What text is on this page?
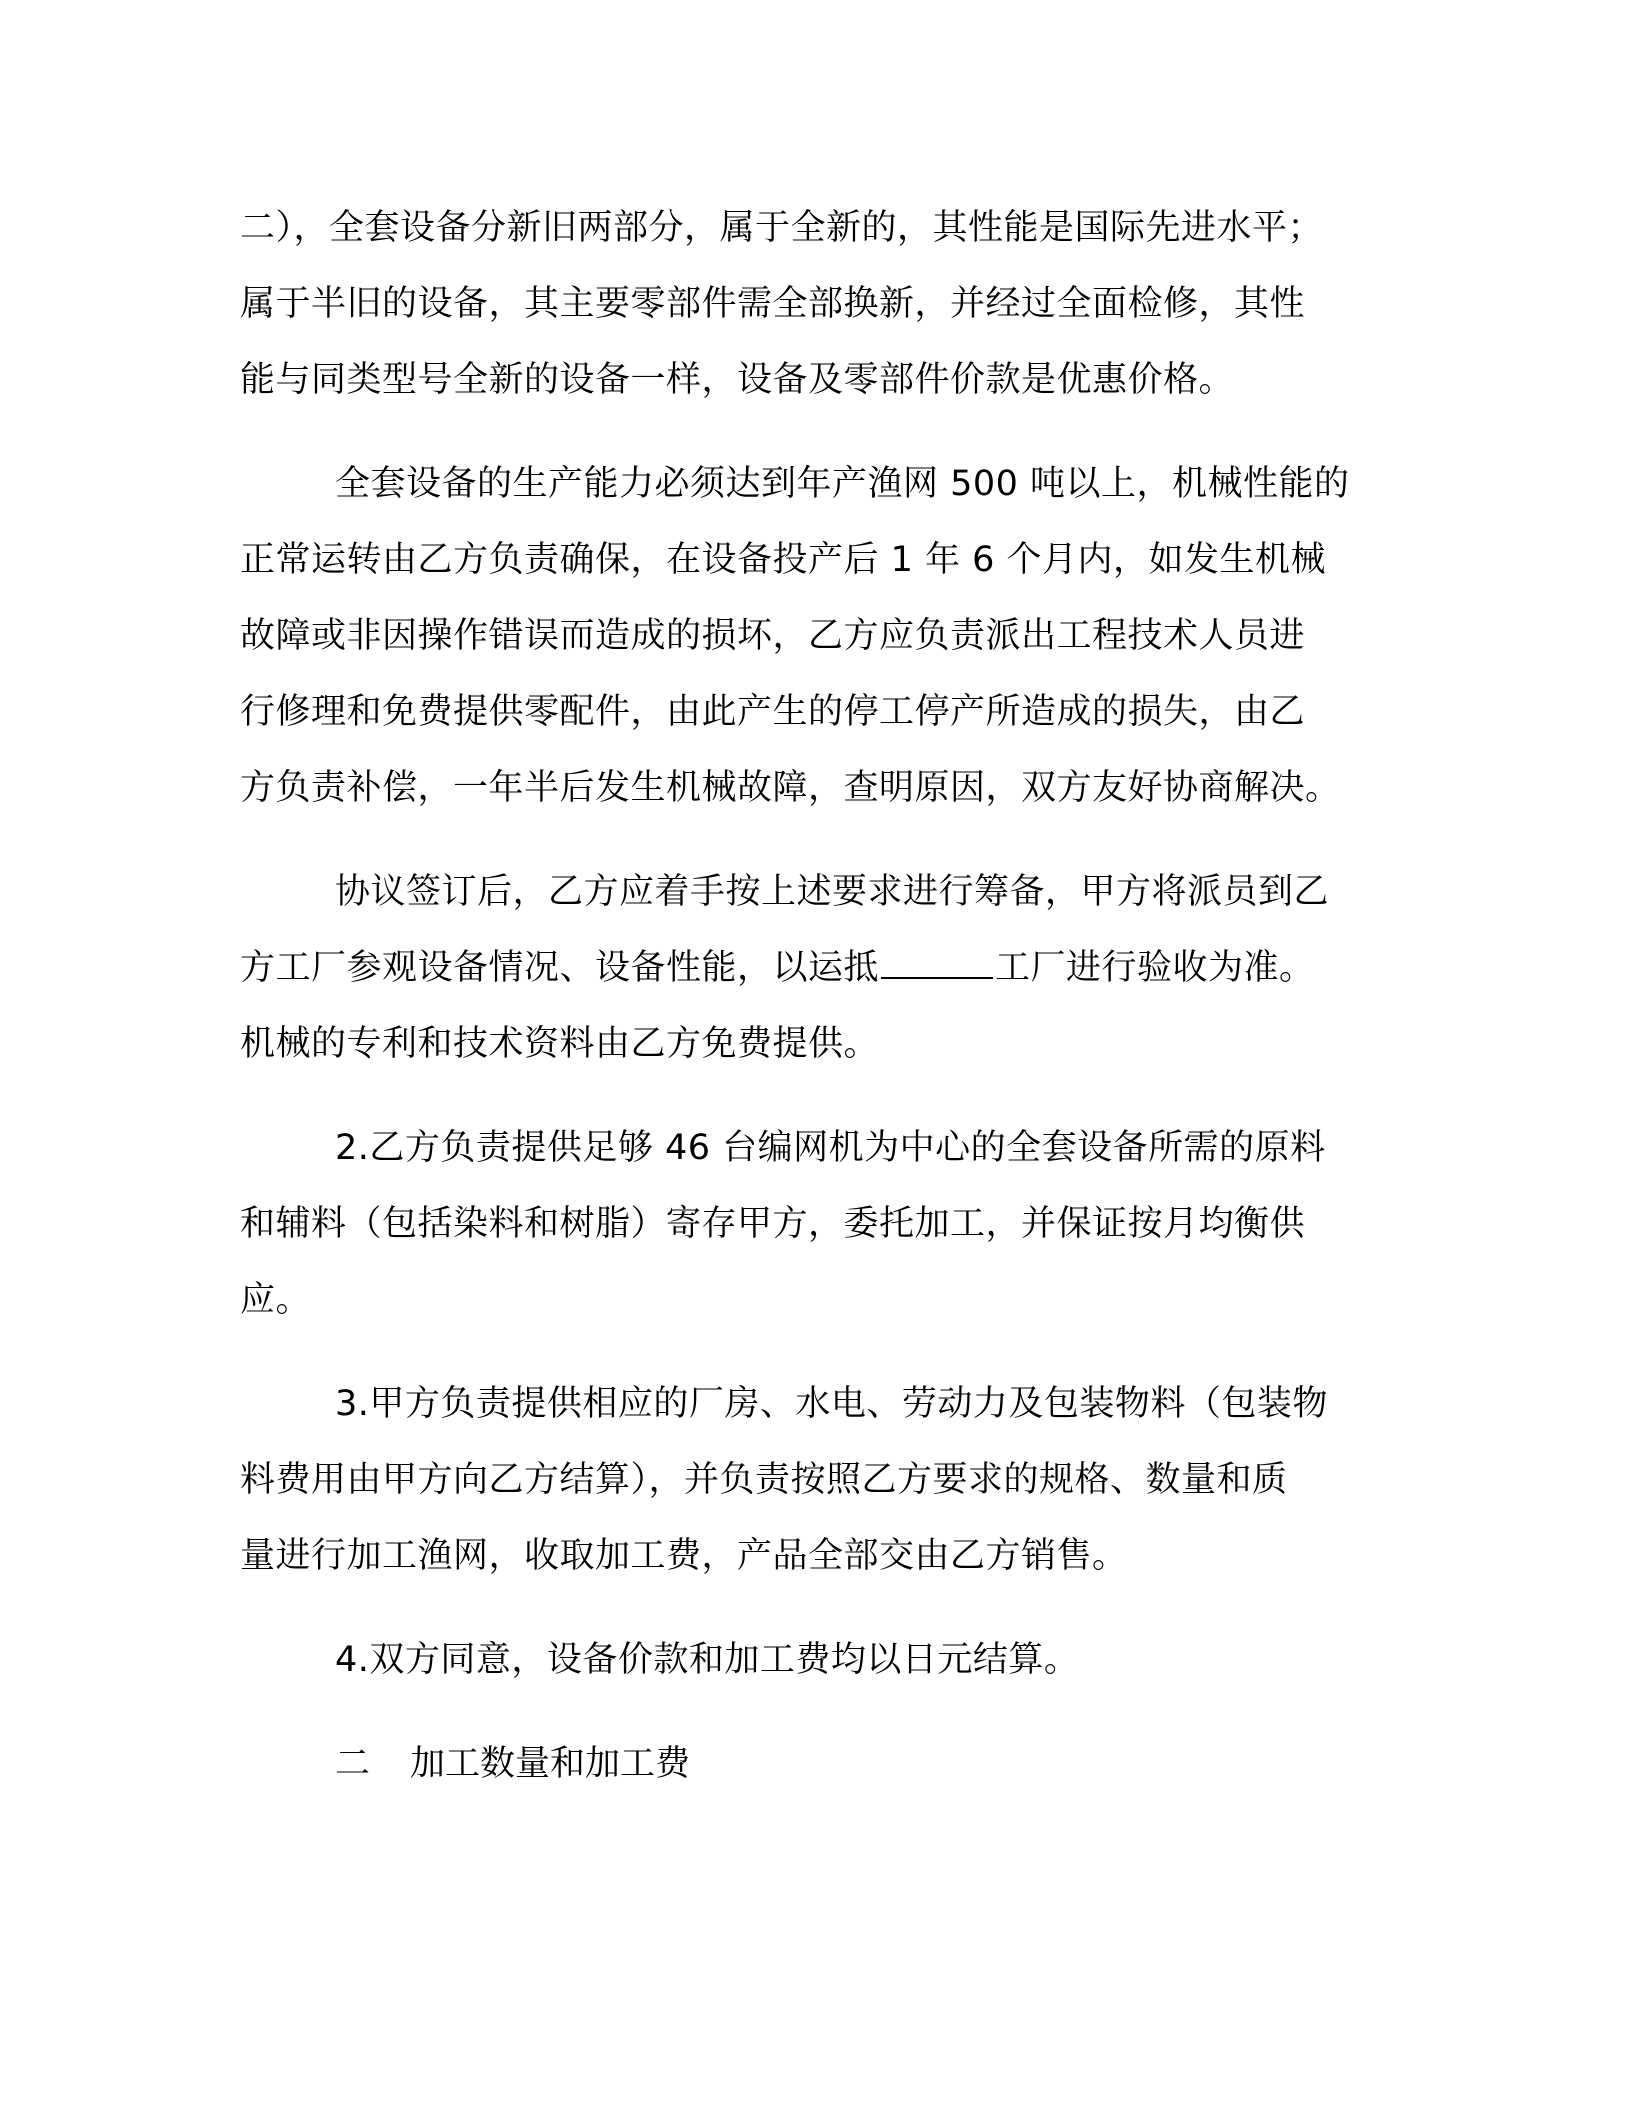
二），全套设备分新旧两部分，属于全新的，其性能是国际先进水平；

属于半旧的设备，其主要零部件需全部换新，并经过全面检修，其性

能与同类型号全新的设备一样，设备及零部件价款是优惠价格。

全套设备的生产能力必须达到年产渔网 500 吨以上，机械性能的

正常运转由乙方负责确保，在设备投产后 1 年 6 个月内，如发生机械

故障或非因操作错误而造成的损坏，乙方应负责派出工程技术人员进

行修理和免费提供零配件，由此产生的停工停产所造成的损失，由乙

方负责补偿，一年半后发生机械故障，查明原因，双方友好协商解决。

协议签订后，乙方应着手按上述要求进行筹备，甲方将派员到乙

方工厂参观设备情况、设备性能，以运抵	工厂进行验收为准。

机械的专利和技术资料由乙方免费提供。

2.乙方负责提供足够 46 台编网机为中心的全套设备所需的原料

和辅料（包括染料和树脂）寄存甲方，委托加工，并保证按月均衡供

应。

3.甲方负责提供相应的厂房、水电、劳动力及包装物料（包装物

料费用由甲方向乙方结算），并负责按照乙方要求的规格、数量和质

量进行加工渔网，收取加工费，产品全部交由乙方销售。

4.双方同意，设备价款和加工费均以日元结算。

二 加工数量和加工费
